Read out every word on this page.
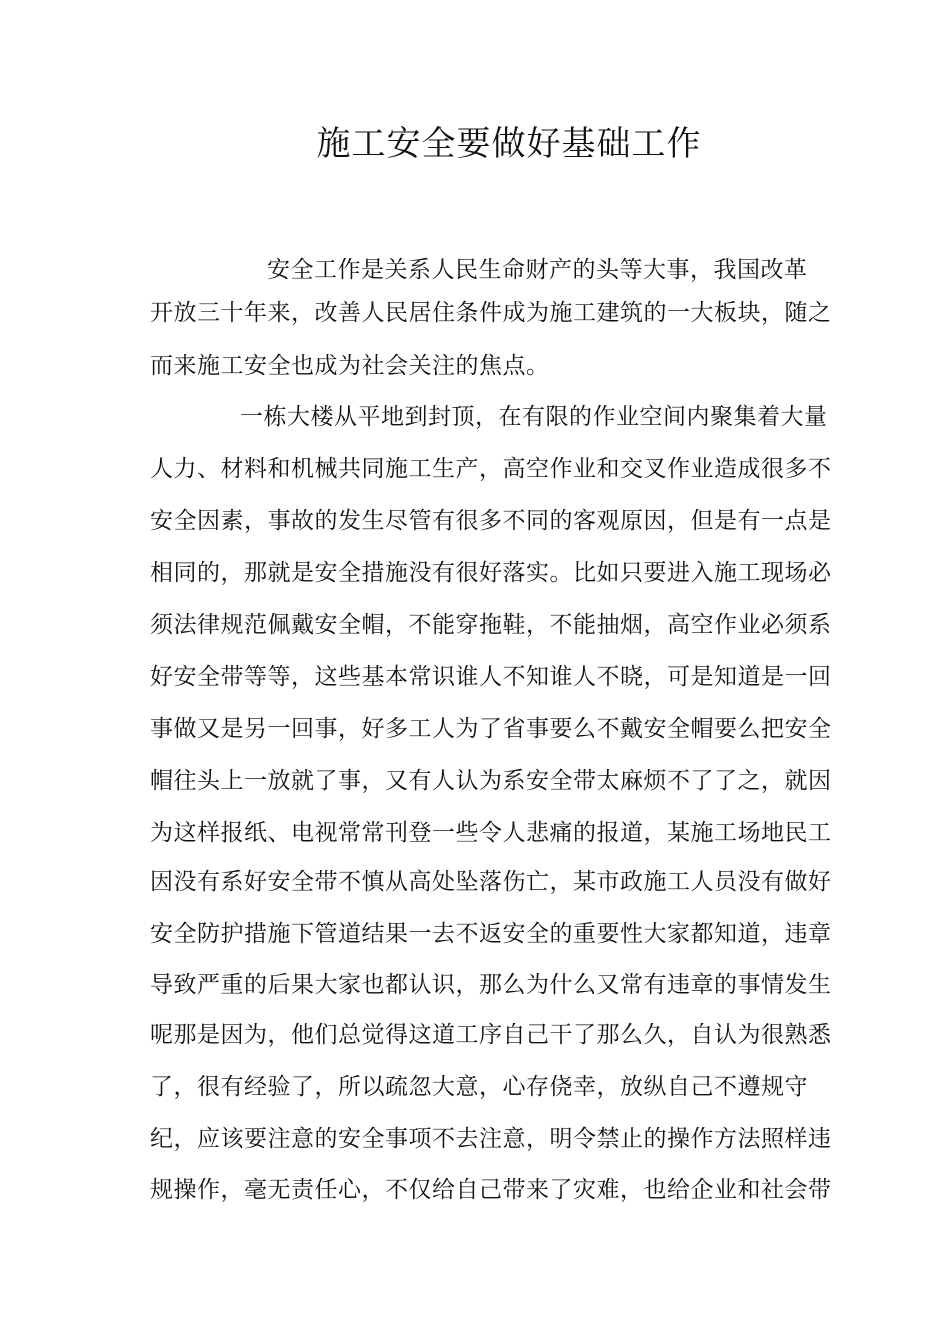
施工安全要做好基础工作
安全工作是关系人民生命财产的头等大事，我国改革
开放三十年来，改善人民居住条件成为施工建筑的一大板块，随之
而来施工安全也成为社会关注的焦点。
一栋大楼从平地到封顶，在有限的作业空间内聚集着大量
人力、材料和机械共同施工生产，高空作业和交叉作业造成很多不
安全因素，事故的发生尽管有很多不同的客观原因，但是有一点是
相同的，那就是安全措施没有很好落实。比如只要进入施工现场必
须法律规范佩戴安全帽，不能穿拖鞋，不能抽烟，高空作业必须系
好安全带等等，这些基本常识谁人不知谁人不晓，可是知道是一回
事做又是另一回事，好多工人为了省事要么不戴安全帽要么把安全
帽往头上一放就了事，又有人认为系安全带太麻烦不了了之，就因
为这样报纸、电视常常刊登一些令人悲痛的报道，某施工场地民工
因没有系好安全带不慎从高处坠落伤亡，某市政施工人员没有做好
安全防护措施下管道结果一去不返安全的重要性大家都知道，违章
导致严重的后果大家也都认识，那么为什么又常有违章的事情发生
呢那是因为，他们总觉得这道工序自己干了那么久，自认为很熟悉
了，很有经验了，所以疏忽大意，心存侥幸，放纵自己不遵规守
纪，应该要注意的安全事项不去注意，明令禁止的操作方法照样违
规操作，毫无责任心，不仅给自己带来了灾难，也给企业和社会带
